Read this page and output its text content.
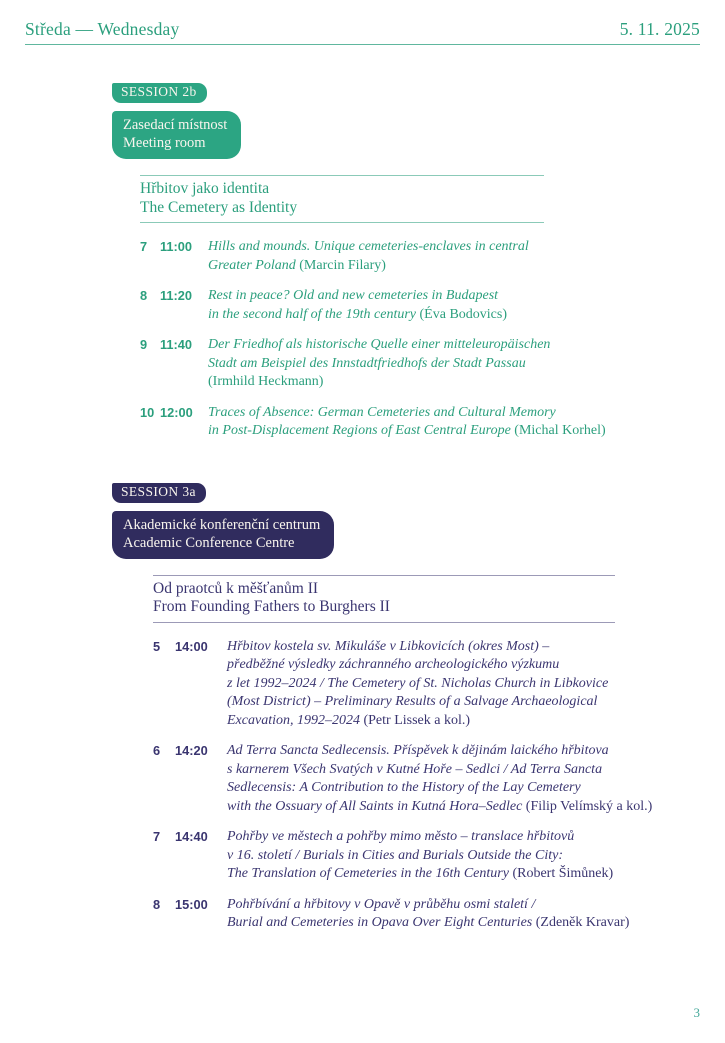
Středa — Wednesday	5. 11. 2025
SESSION 2b
Zasedací místnost
Meeting room
Hřbitov jako identita
The Cemetery as Identity
7	11:00	Hills and mounds. Unique cemeteries-enclaves in central
Greater Poland (Marcin Filary)
8	11:20	Rest in peace? Old and new cemeteries in Budapest
in the second half of the 19th century (Éva Bodovics)
9	11:40	Der Friedhof als historische Quelle einer mitteleuropäischen
Stadt am Beispiel des Innstadtfriedhofs der Stadt Passau
(Irmhild Heckmann)
10 12:00	Traces of Absence: German Cemeteries and Cultural Memory
in Post-Displacement Regions of East Central Europe (Michal Korhel)
SESSION 3a
Akademické konferenční centrum
Academic Conference Centre
Od praotců k měšťanům II
From Founding Fathers to Burghers II
5	14:00	Hřbitov kostela sv. Mikuláše v Libkovicích (okres Most) –
předběžné výsledky záchranného archeologického výzkumu
z let 1992–2024 / The Cemetery of St. Nicholas Church in Libkovice
(Most District) – Preliminary Results of a Salvage Archaeological
Excavation, 1992–2024 (Petr Lissek a kol.)
6	14:20	Ad Terra Sancta Sedlecensis. Příspěvek k dějinám laického hřbitova
s karnerem Všech Svatých v Kutné Hoře – Sedlci / Ad Terra Sancta
Sedlecensis: A Contribution to the History of the Lay Cemetery
with the Ossuary of All Saints in Kutná Hora–Sedlec (Filip Velímský a kol.)
7	14:40	Pohřby ve městech a pohřby mimo město – translace hřbitovů
v 16. století / Burials in Cities and Burials Outside the City:
The Translation of Cemeteries in the 16th Century (Robert Šimůnek)
8	15:00	Pohřbívání a hřbitovy v Opavě v průběhu osmi staletí /
Burial and Cemeteries in Opava Over Eight Centuries (Zdeněk Kravar)
3
